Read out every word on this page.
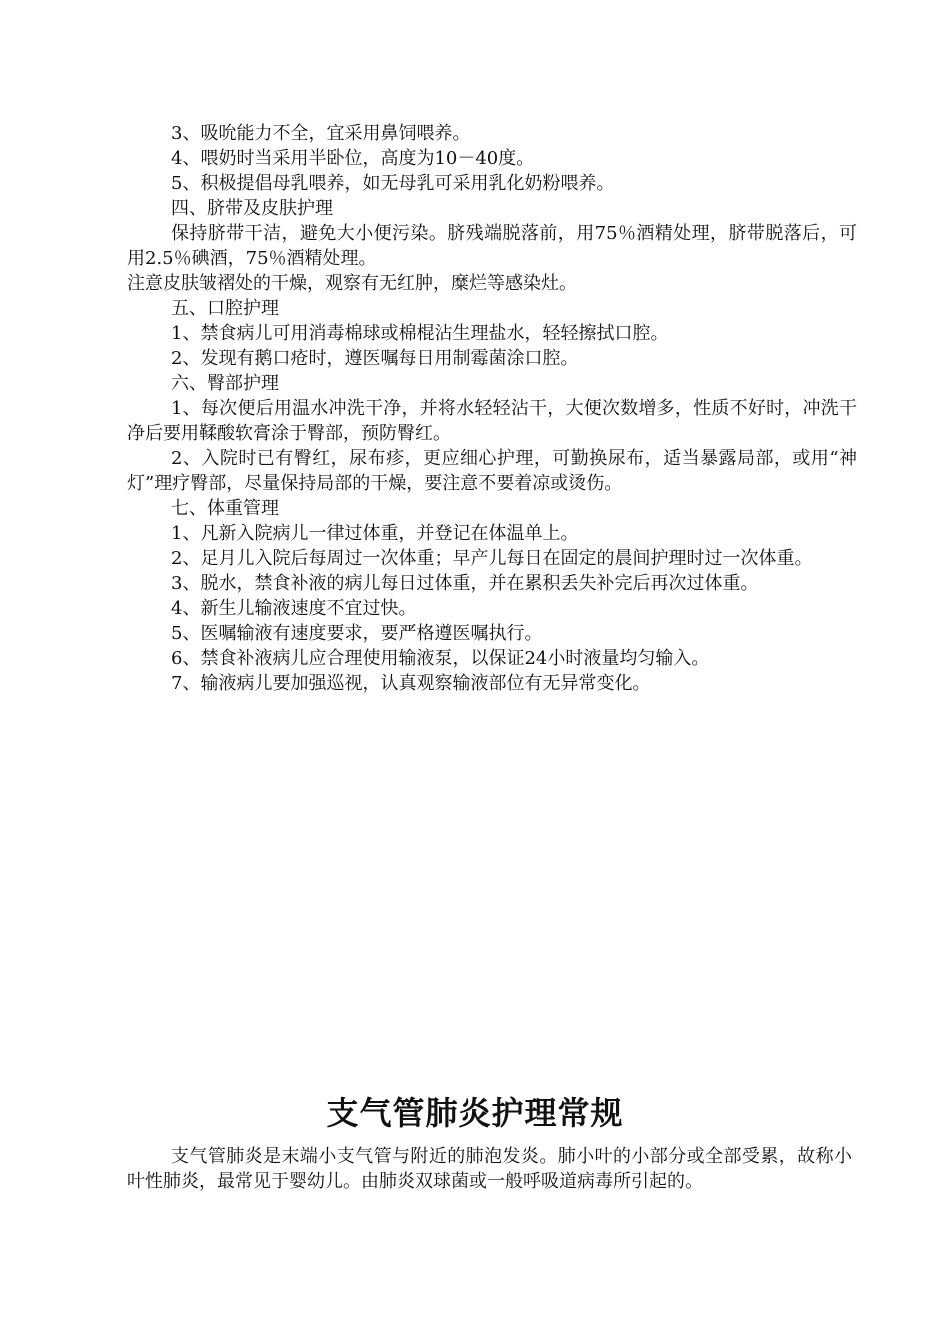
3、吸吮能力不全，宜采用鼻饲喂养。

4、喂奶时当采用半卧位，高度为10－40度。

5、积极提倡母乳喂养，如无母乳可采用乳化奶粉喂养。

四、脐带及皮肤护理

保持脐带干洁，避免大小便污染。脐残端脱落前，用75％酒精处理，脐带脱落后，可用2.5％碘酒，75％酒精处理。

注意皮肤皱褶处的干燥，观察有无红肿，糜烂等感染灶。

五、口腔护理

1、禁食病儿可用消毒棉球或棉棍沾生理盐水，轻轻擦拭口腔。

2、发现有鹅口疮时，遵医嘱每日用制霉菌涂口腔。

六、臀部护理

1、每次便后用温水冲洗干净，并将水轻轻沾干，大便次数增多，性质不好时，冲洗干净后要用鞣酸软膏涂于臀部，预防臀红。

2、入院时已有臀红，尿布疹，更应细心护理，可勤换尿布，适当暴露局部，或用“神灯”理疗臀部，尽量保持局部的干燥，要注意不要着凉或烫伤。

七、体重管理

1、凡新入院病儿一律过体重，并登记在体温单上。

2、足月儿入院后每周过一次体重；早产儿每日在固定的晨间护理时过一次体重。

3、脱水，禁食补液的病儿每日过体重，并在累积丢失补完后再次过体重。

4、新生儿输液速度不宜过快。

5、医嘱输液有速度要求，要严格遵医嘱执行。

6、禁食补液病儿应合理使用输液泵，以保证24小时液量均匀输入。

7、输液病儿要加强巡视，认真观察输液部位有无异常变化。

支气管肺炎护理常规

支气管肺炎是末端小支气管与附近的肺泡发炎。肺小叶的小部分或全部受累，故称小叶性肺炎，最常见于婴幼儿。由肺炎双球菌或一般呼吸道病毒所引起的。
